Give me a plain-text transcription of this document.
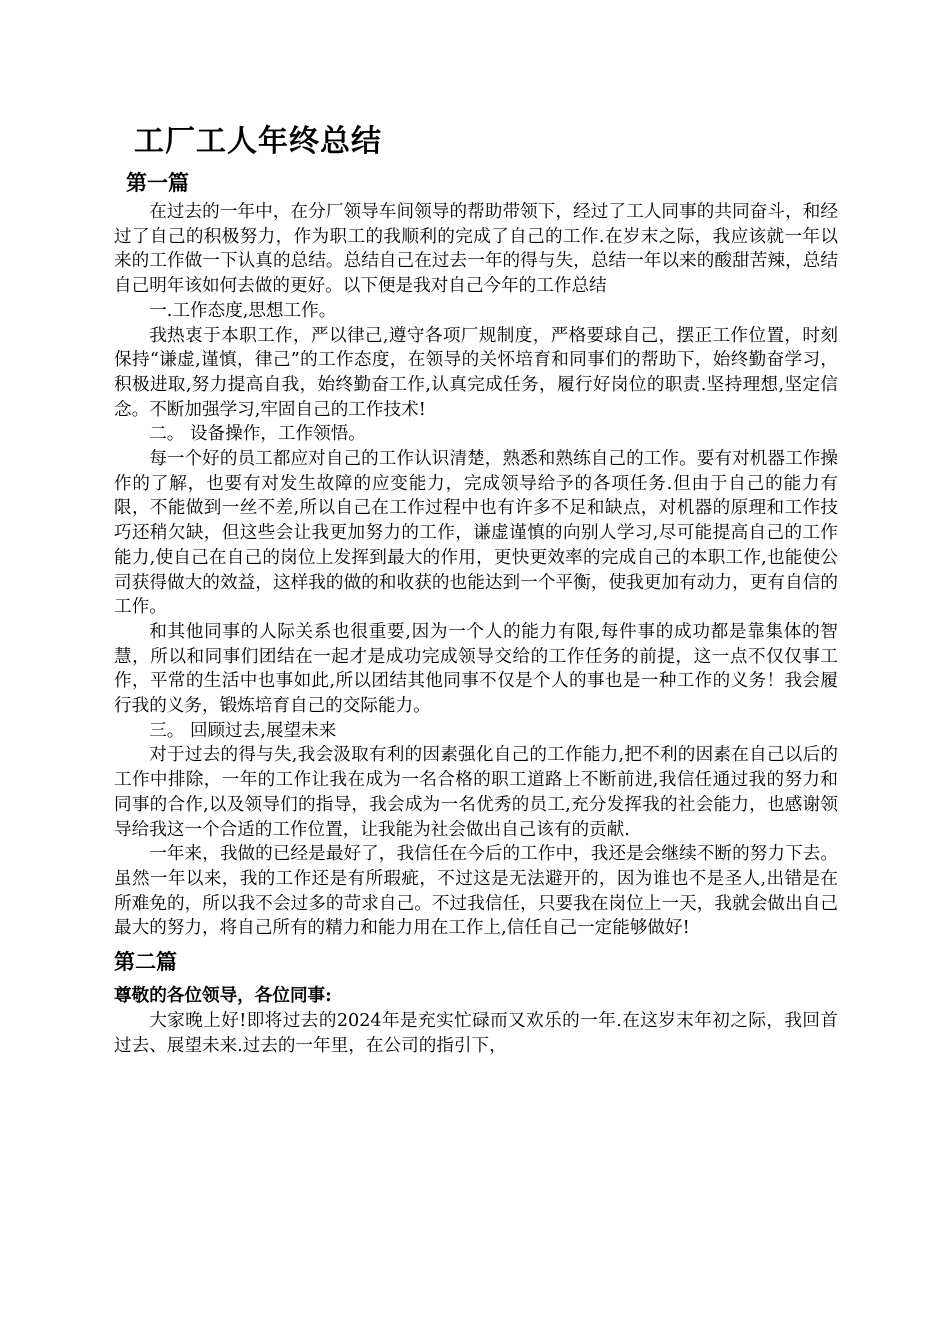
工厂工人年终总结
第一篇

在过去的一年中，在分厂领导车间领导的帮助带领下，经过了工人同事的共同奋斗，和经过了自己的积极努力，作为职工的我顺利的完成了自己的工作.在岁末之际，我应该就一年以来的工作做一下认真的总结。总结自己在过去一年的得与失，总结一年以来的酸甜苦辣，总结自己明年该如何去做的更好。以下便是我对自己今年的工作总结

一.工作态度,思想工作。

我热衷于本职工作，严以律己,遵守各项厂规制度，严格要球自己，摆正工作位置，时刻保持“谦虚,谨慎，律己”的工作态度，在领导的关怀培育和同事们的帮助下，始终勤奋学习，积极进取,努力提高自我，始终勤奋工作,认真完成任务，履行好岗位的职责.坚持理想,坚定信念。不断加强学习,牢固自己的工作技术!

二。 设备操作，工作领悟。

每一个好的员工都应对自己的工作认识清楚，熟悉和熟练自己的工作。要有对机器工作操作的了解，也要有对发生故障的应变能力，完成领导给予的各项任务.但由于自己的能力有限，不能做到一丝不差,所以自己在工作过程中也有许多不足和缺点，对机器的原理和工作技巧还稍欠缺，但这些会让我更加努力的工作，谦虚谨慎的向别人学习,尽可能提高自己的工作能力,使自己在自己的岗位上发挥到最大的作用，更快更效率的完成自己的本职工作,也能使公司获得做大的效益，这样我的做的和收获的也能达到一个平衡，使我更加有动力，更有自信的工作。

和其他同事的人际关系也很重要,因为一个人的能力有限,每件事的成功都是靠集体的智慧，所以和同事们团结在一起才是成功完成领导交给的工作任务的前提，这一点不仅仅事工作，平常的生活中也事如此,所以团结其他同事不仅是个人的事也是一种工作的义务！我会履行我的义务，锻炼培育自己的交际能力。

三。 回顾过去,展望未来

对于过去的得与失,我会汲取有利的因素强化自己的工作能力,把不利的因素在自己以后的工作中排除，一年的工作让我在成为一名合格的职工道路上不断前进,我信任通过我的努力和同事的合作,以及领导们的指导，我会成为一名优秀的员工,充分发挥我的社会能力，也感谢领导给我这一个合适的工作位置，让我能为社会做出自己该有的贡献.

一年来，我做的已经是最好了，我信任在今后的工作中，我还是会继续不断的努力下去。虽然一年以来，我的工作还是有所瑕疵，不过这是无法避开的，因为谁也不是圣人,出错是在所难免的，所以我不会过多的苛求自己。不过我信任，只要我在岗位上一天，我就会做出自己最大的努力，将自己所有的精力和能力用在工作上,信任自己一定能够做好!

第二篇

尊敬的各位领导，各位同事:

大家晚上好!即将过去的2024年是充实忙碌而又欢乐的一年.在这岁末年初之际，我回首过去、展望未来.过去的一年里，在公司的指引下，
